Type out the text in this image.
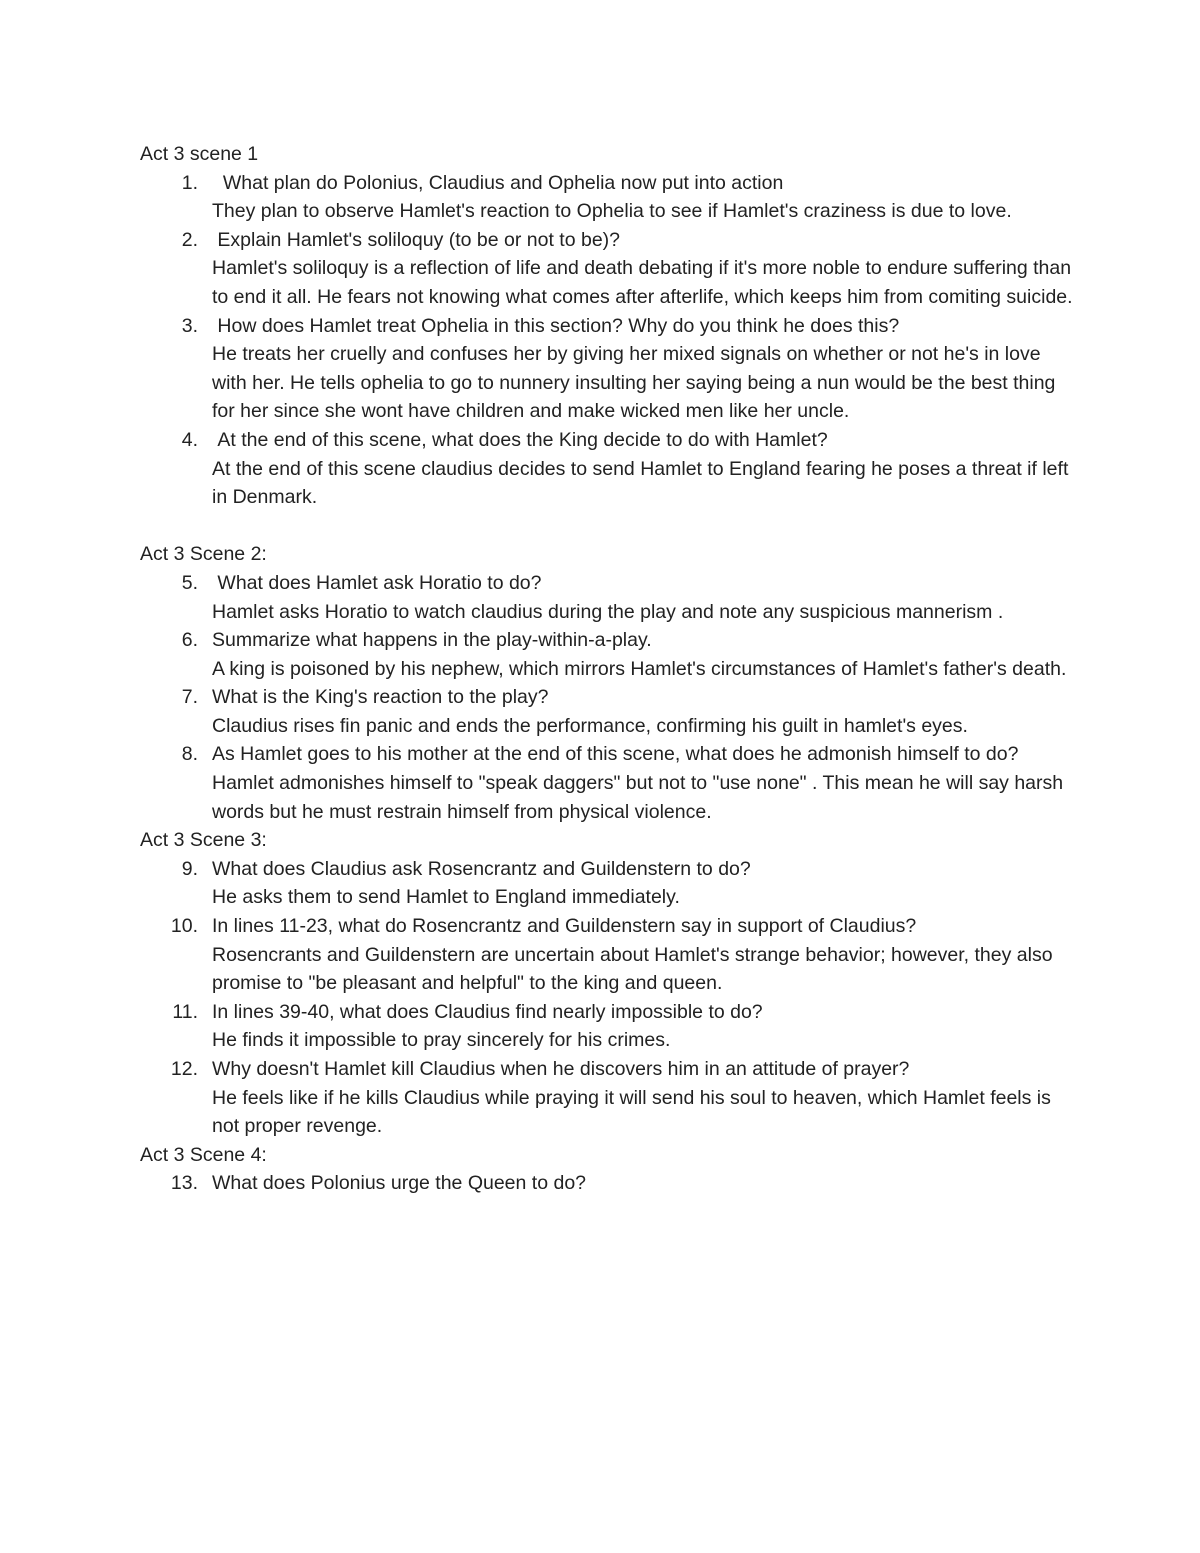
Act 3 scene 1
1. What plan do Polonius, Claudius and Ophelia now put into action
They plan to observe Hamlet's reaction to Ophelia to see if Hamlet's craziness is due to love.
2. Explain Hamlet's soliloquy (to be or not to be)?
Hamlet's soliloquy is a reflection of life and death debating if it's more noble to endure suffering than to end it all. He fears not knowing what comes after afterlife, which keeps him from comiting suicide.
3. How does Hamlet treat Ophelia in this section? Why do you think he does this?
He treats her cruelly and confuses her by giving her mixed signals on whether or not he's in love with her. He tells ophelia to go to nunnery insulting her saying being a nun would be the best thing for her since she wont have children and make wicked men like her uncle.
4. At the end of this scene, what does the King decide to do with Hamlet?
At the end of this scene claudius decides to send Hamlet to England fearing he poses a threat if left in Denmark.
Act 3 Scene 2:
5. What does Hamlet ask Horatio to do?
Hamlet asks Horatio to watch claudius during the play and note any suspicious mannerism .
6. Summarize what happens in the play-within-a-play.
A king is poisoned by his nephew, which mirrors Hamlet's circumstances of Hamlet's father's death.
7. What is the King's reaction to the play?
Claudius rises fin panic and ends the performance, confirming his guilt in hamlet's eyes.
8. As Hamlet goes to his mother at the end of this scene, what does he admonish himself to do?
Hamlet admonishes himself to "speak daggers" but not to "use none" . This mean he will say harsh words but he must restrain himself from physical violence.
Act 3 Scene 3:
9. What does Claudius ask Rosencrantz and Guildenstern to do?
He asks them to send Hamlet to England immediately.
10. In lines 11-23, what do Rosencrantz and Guildenstern say in support of Claudius?
Rosencrants and Guildenstern are uncertain about Hamlet's strange behavior; however, they also promise to "be pleasant and helpful" to the king and queen.
11. In lines 39-40, what does Claudius find nearly impossible to do?
He finds it impossible to pray sincerely for his crimes.
12. Why doesn't Hamlet kill Claudius when he discovers him in an attitude of prayer?
He feels like if he kills Claudius while praying it will send his soul to heaven, which Hamlet feels is not proper revenge.
Act 3 Scene 4:
13. What does Polonius urge the Queen to do?
